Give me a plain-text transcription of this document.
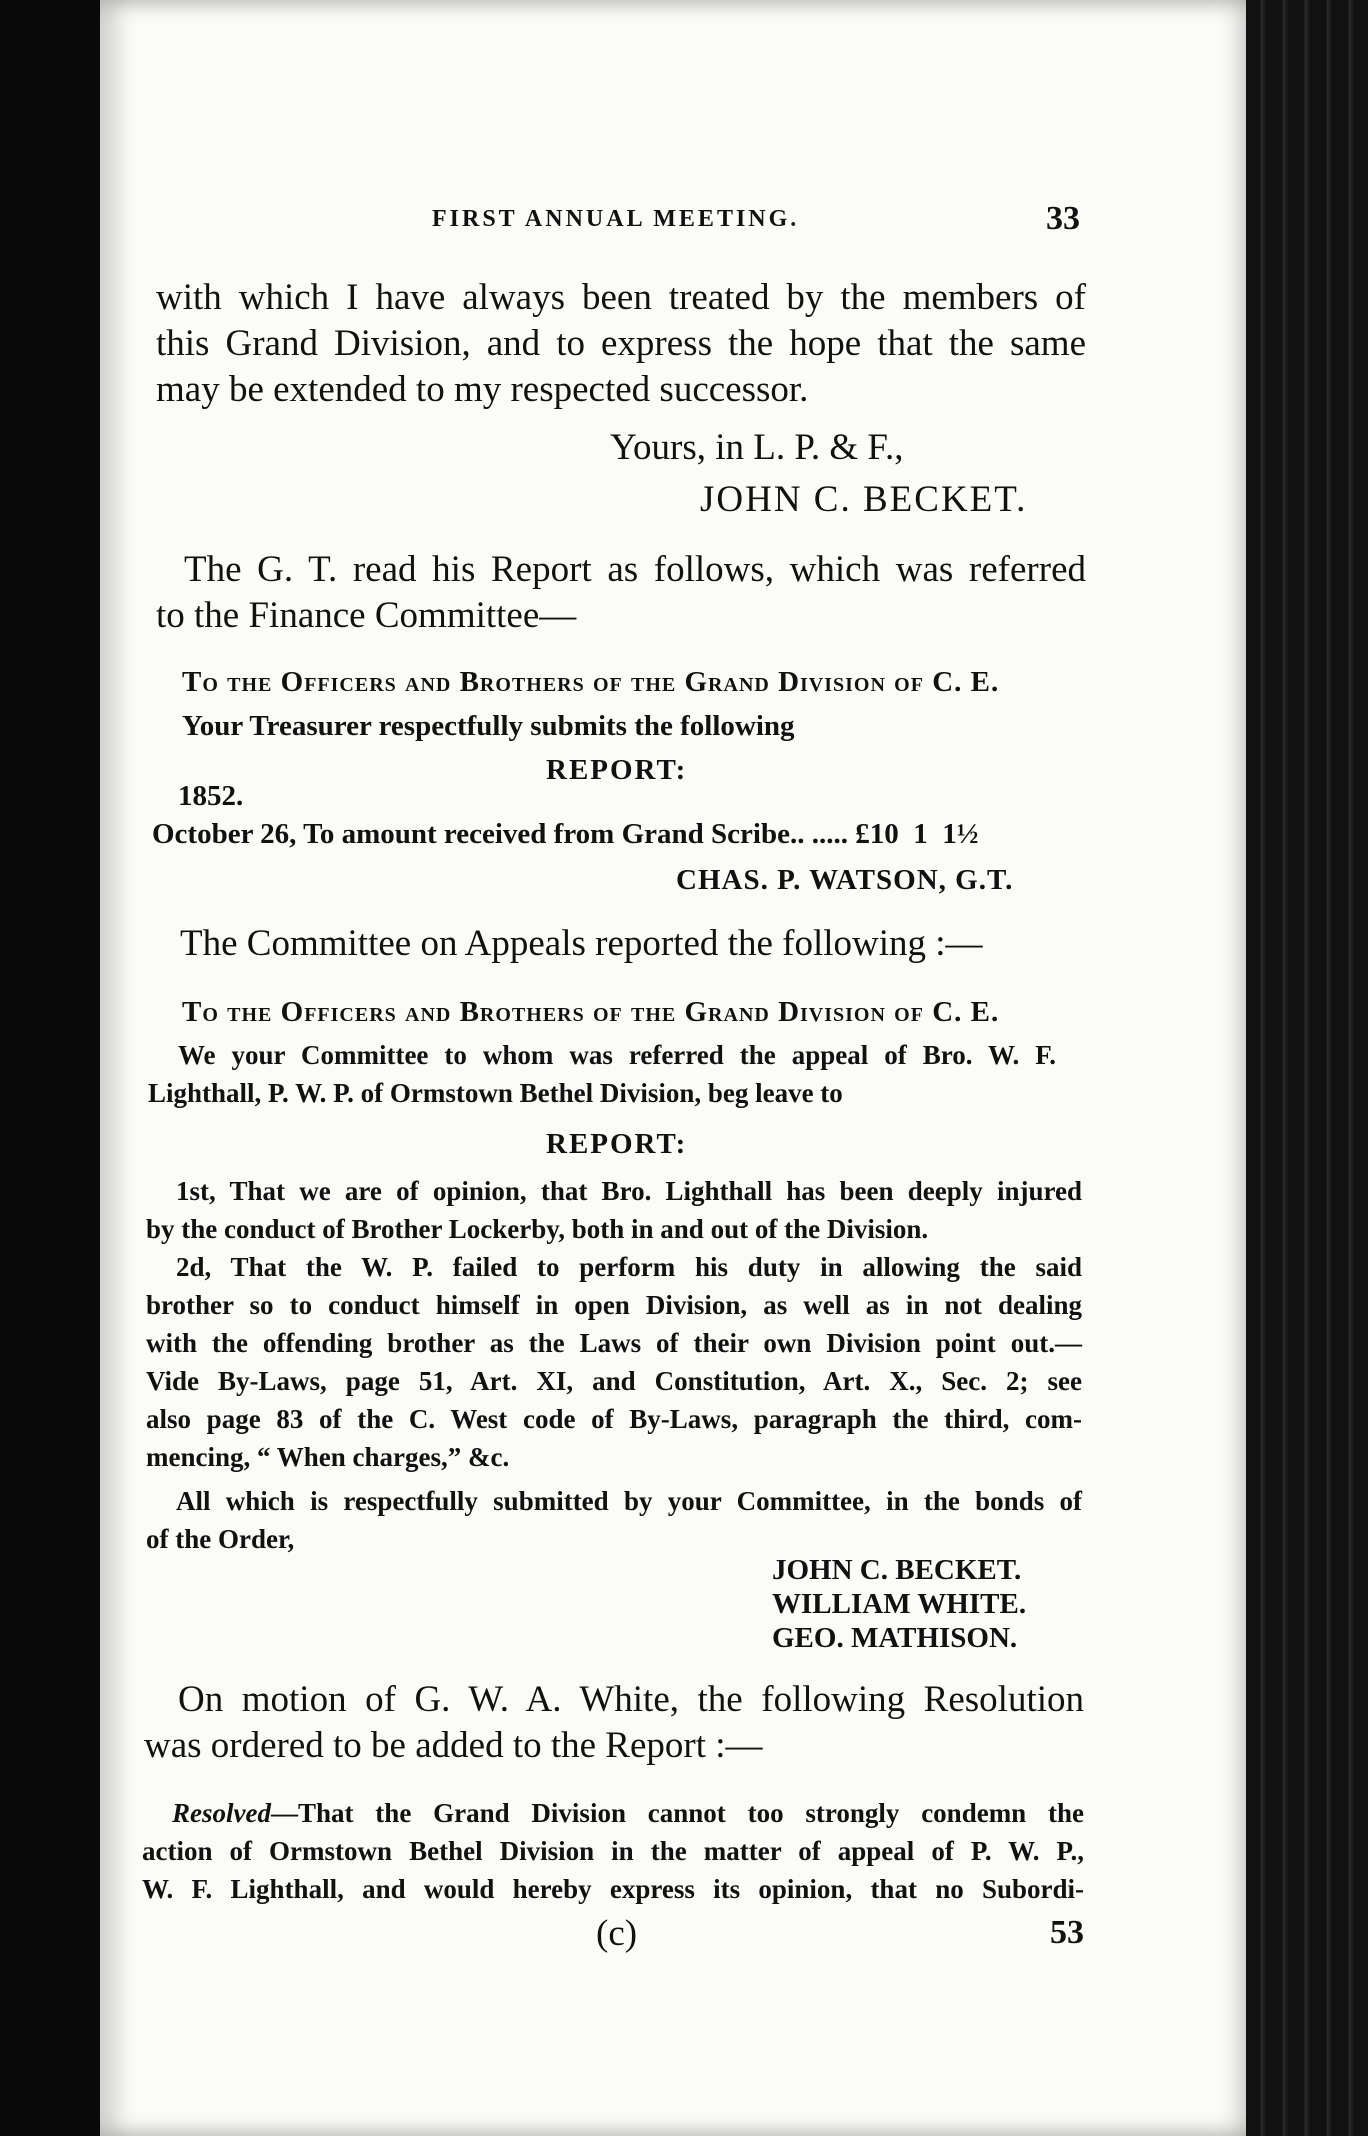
FIRST ANNUAL MEETING.	33
with which I have always been treated by the members of
this Grand Division, and to express the hope that the same
may be extended to my respected successor.
Yours, in L. P. & F.,
JOHN C. BECKET.
The G. T. read his Report as follows, which was referred
to the Finance Committee—
To the Officers and Brothers of the Grand Division of C. E.
Your Treasurer respectfully submits the following
REPORT:
1852.
October 26, To amount received from Grand Scribe.. ..... £10  1  1½
CHAS. P. WATSON, G.T.
The Committee on Appeals reported the following :—
To the Officers and Brothers of the Grand Division of C. E.
We your Committee to whom was referred the appeal of Bro. W. F.
Lighthall, P. W. P. of Ormstown Bethel Division, beg leave to
REPORT:
1st, That we are of opinion, that Bro. Lighthall has been deeply injured
by the conduct of Brother Lockerby, both in and out of the Division.
2d, That the W. P. failed to perform his duty in allowing the said
brother so to conduct himself in open Division, as well as in not dealing
with the offending brother as the Laws of their own Division point out.—
Vide By-Laws, page 51, Art. XI, and Constitution, Art. X., Sec. 2; see
also page 83 of the C. West code of By-Laws, paragraph the third, com-
mencing, “ When charges,” &c.
All which is respectfully submitted by your Committee, in the bonds of
of the Order,
JOHN C. BECKET.
WILLIAM WHITE.
GEO. MATHISON.
On motion of G. W. A. White, the following Resolution
was ordered to be added to the Report :—
Resolved —That the Grand Division cannot too strongly condemn the
action of Ormstown Bethel Division in the matter of appeal of P. W. P.,
W. F. Lighthall, and would hereby express its opinion, that no Subordi-
(c)	53
